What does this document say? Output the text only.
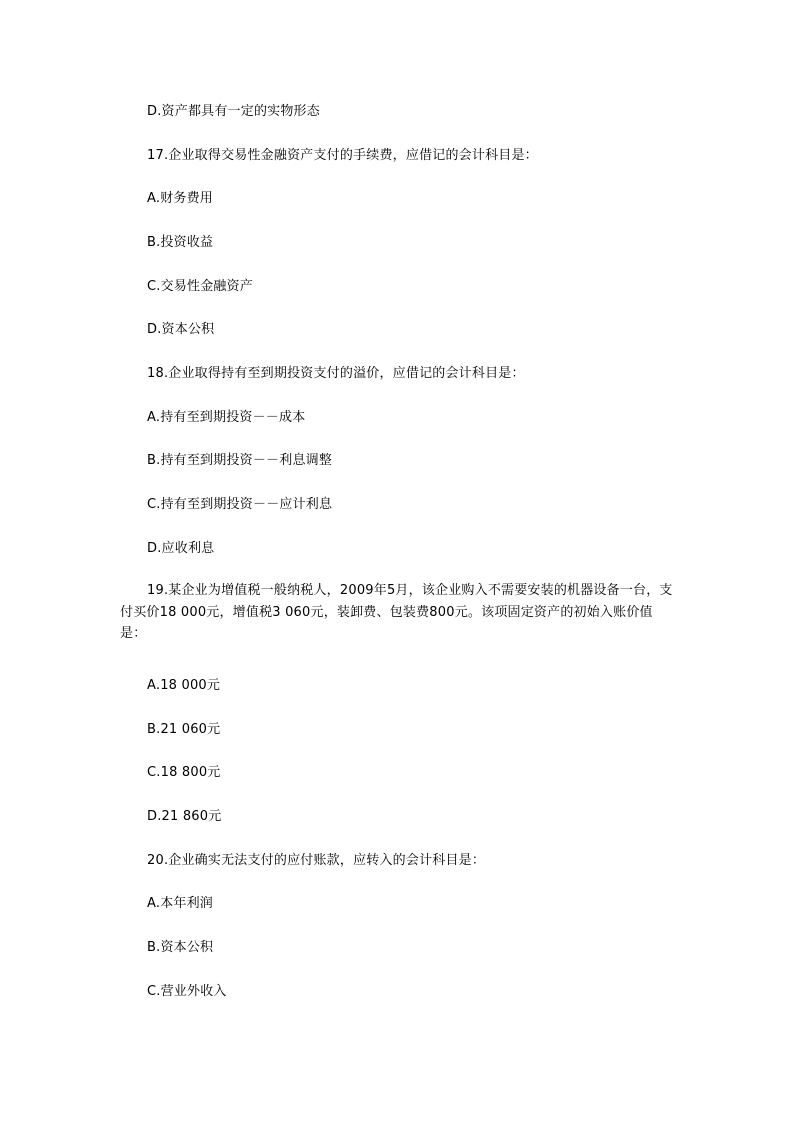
D.资产都具有一定的实物形态
17.企业取得交易性金融资产支付的手续费，应借记的会计科目是：
A.财务费用
B.投资收益
C.交易性金融资产
D.资本公积
18.企业取得持有至到期投资支付的溢价，应借记的会计科目是：
A.持有至到期投资－－成本
B.持有至到期投资－－利息调整
C.持有至到期投资－－应计利息
D.应收利息
19.某企业为增值税一般纳税人，2009年5月，该企业购入不需要安装的机器设备一台，支付买价18 000元，增值税3 060元，装卸费、包装费800元。该项固定资产的初始入账价值是：
A.18 000元
B.21 060元
C.18 800元
D.21 860元
20.企业确实无法支付的应付账款，应转入的会计科目是：
A.本年利润
B.资本公积
C.营业外收入
